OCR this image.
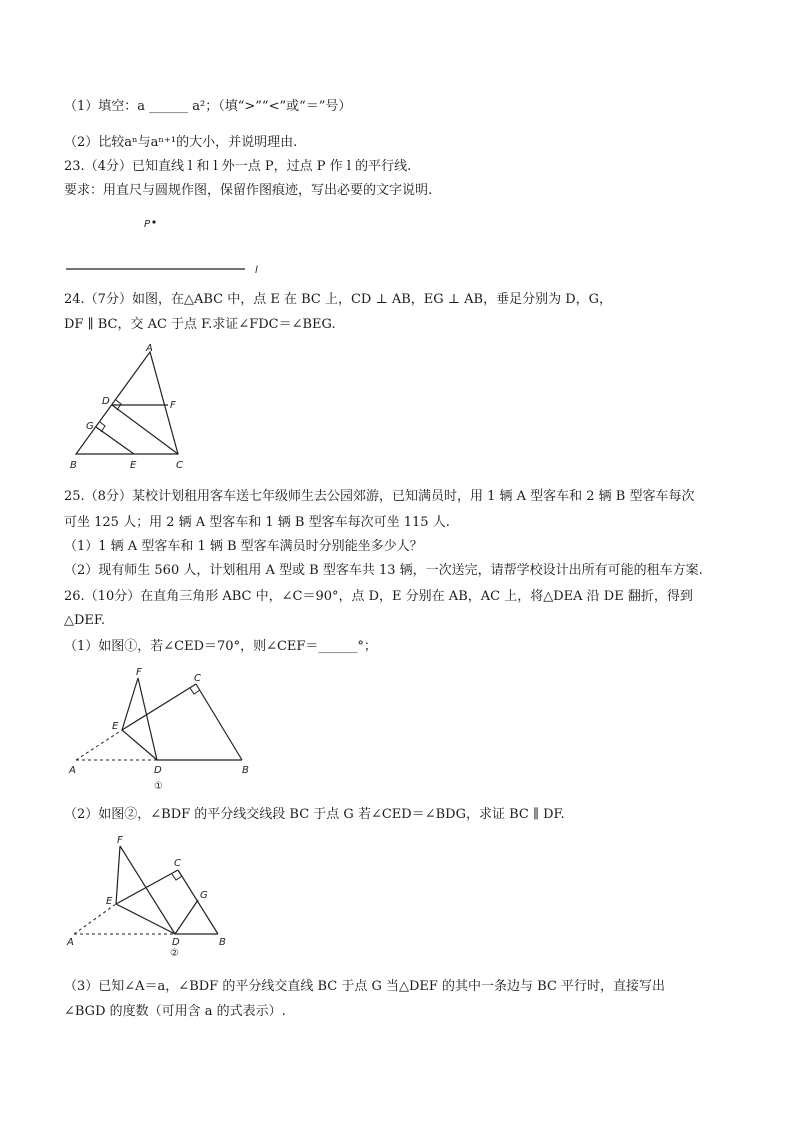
（1）填空：a ______ a²；（填“>”“<”或“＝”号）
（2）比较aⁿ与aⁿ⁺¹的大小，并说明理由.
23.（4分）已知直线 l 和 l 外一点 P，过点 P 作 l 的平行线.
要求：用直尺与圆规作图，保留作图痕迹，写出必要的文字说明.
P
l
24.（7分）如图，在△ABC 中，点 E 在 BC 上，CD ⊥ AB，EG ⊥ AB，垂足分别为 D，G，
DF ∥ BC，交 AC 于点 F.求证∠FDC＝∠BEG.
A
D	F
G
B	E	C
25.（8分）某校计划租用客车送七年级师生去公园郊游，已知满员时，用 1 辆 A 型客车和 2 辆 B 型客车每次
可坐 125 人；用 2 辆 A 型客车和 1 辆 B 型客车每次可坐 115 人.
（1）1 辆 A 型客车和 1 辆 B 型客车满员时分别能坐多少人？
（2）现有师生 560 人，计划租用 A 型或 B 型客车共 13 辆，一次送完，请帮学校设计出所有可能的租车方案.
26.（10分）在直角三角形 ABC 中，∠C＝90°，点 D，E 分别在 AB，AC 上，将△DEA 沿 DE 翻折，得到
△DEF.
（1）如图①，若∠CED＝70°，则∠CEF＝______°；
F
C
E
A	D	B
①
（2）如图②，∠BDF 的平分线交线段 BC 于点 G 若∠CED＝∠BDG，求证 BC ∥ DF.
F
C
G
E
A	D	B
②
（3）已知∠A＝a，∠BDF 的平分线交直线 BC 于点 G 当△DEF 的其中一条边与 BC 平行时，直接写出
∠BGD 的度数（可用含 a 的式表示）.
